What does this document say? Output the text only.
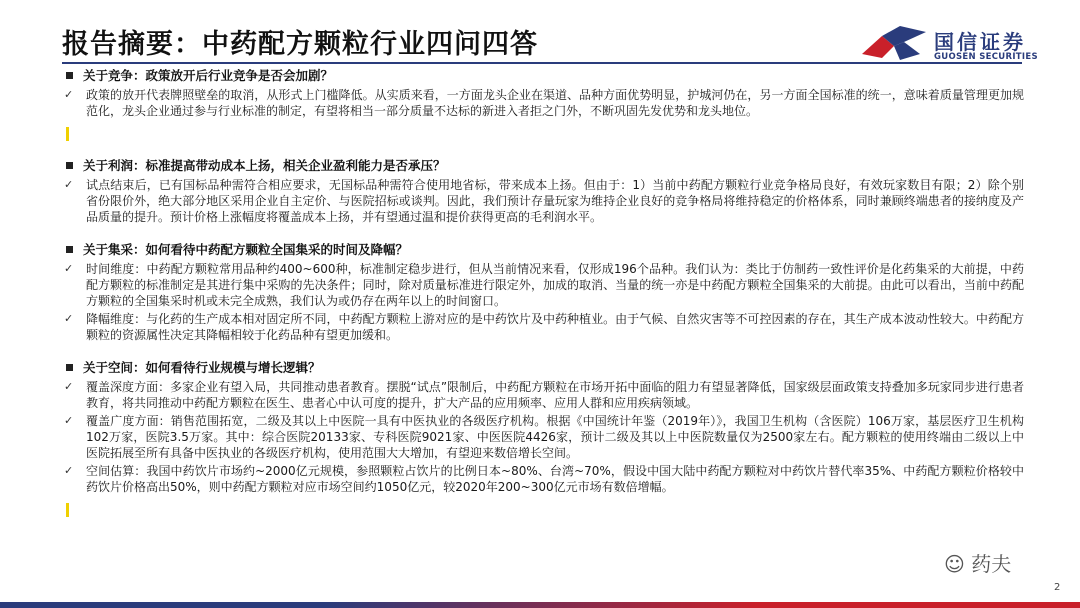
报告摘要：中药配方颗粒行业四问四答	国信证券
GUOSEN SECURITIES
关于竞争：政策放开后行业竞争是否会加剧？
✓	政策的放开代表牌照壁垒的取消，从形式上门槛降低。从实质来看，一方面龙头企业在渠道、品种方面优势明显，护城河仍在，另一方面全国标准的统一，意味着质量管理更加规范化，龙头企业通过参与行业标准的制定，有望将相当一部分质量不达标的新进入者拒之门外，不断巩固先发优势和龙头地位。
关于利润：标准提高带动成本上扬，相关企业盈利能力是否承压？
✓	试点结束后，已有国标品种需符合相应要求，无国标品种需符合使用地省标，带来成本上扬。但由于：1）当前中药配方颗粒行业竞争格局良好，有效玩家数目有限；2）除个别省份限价外，绝大部分地区采用企业自主定价、与医院招标或谈判。因此，我们预计存量玩家为维持企业良好的竞争格局将维持稳定的价格体系，同时兼顾终端患者的接纳度及产品质量的提升。预计价格上涨幅度将覆盖成本上扬，并有望通过温和提价获得更高的毛利润水平。
关于集采：如何看待中药配方颗粒全国集采的时间及降幅？
✓	时间维度：中药配方颗粒常用品种约400~600种，标准制定稳步进行，但从当前情况来看，仅形成196个品种。我们认为：类比于仿制药一致性评价是化药集采的大前提，中药配方颗粒的标准制定是其进行集中采购的先决条件；同时，除对质量标准进行限定外，加成的取消、当量的统一亦是中药配方颗粒全国集采的大前提。由此可以看出，当前中药配方颗粒的全国集采时机或未完全成熟，我们认为或仍存在两年以上的时间窗口。
✓	降幅维度：与化药的生产成本相对固定所不同，中药配方颗粒上游对应的是中药饮片及中药种植业。由于气候、自然灾害等不可控因素的存在，其生产成本波动性较大。中药配方颗粒的资源属性决定其降幅相较于化药品种有望更加缓和。
关于空间：如何看待行业规模与增长逻辑？
✓	覆盖深度方面：多家企业有望入局，共同推动患者教育。摆脱“试点”限制后，中药配方颗粒在市场开拓中面临的阻力有望显著降低，国家级层面政策支持叠加多玩家同步进行患者教育，将共同推动中药配方颗粒在医生、患者心中认可度的提升，扩大产品的应用频率、应用人群和应用疾病领域。
✓	覆盖广度方面：销售范围拓宽，二级及其以上中医院一具有中医执业的各级医疗机构。根据《中国统计年鉴（2019年）》，我国卫生机构（含医院）106万家，基层医疗卫生机构102万家，医院3.5万家。其中：综合医院20133家、专科医院9021家、中医医院4426家，预计二级及其以上中医院数量仅为2500家左右。配方颗粒的使用终端由二级以上中医院拓展至所有具备中医执业的各级医疗机构，使用范围大大增加，有望迎来数倍增长空间。
✓	空间估算：我国中药饮片市场约~2000亿元规模，参照颗粒占饮片的比例日本~80%、台湾~70%，假设中国大陆中药配方颗粒对中药饮片替代率35%、中药配方颗粒价格较中药饮片价格高出50%，则中药配方颗粒对应市场空间约1050亿元，较2020年200~300亿元市场有数倍增幅。
☺ 药夫
2
